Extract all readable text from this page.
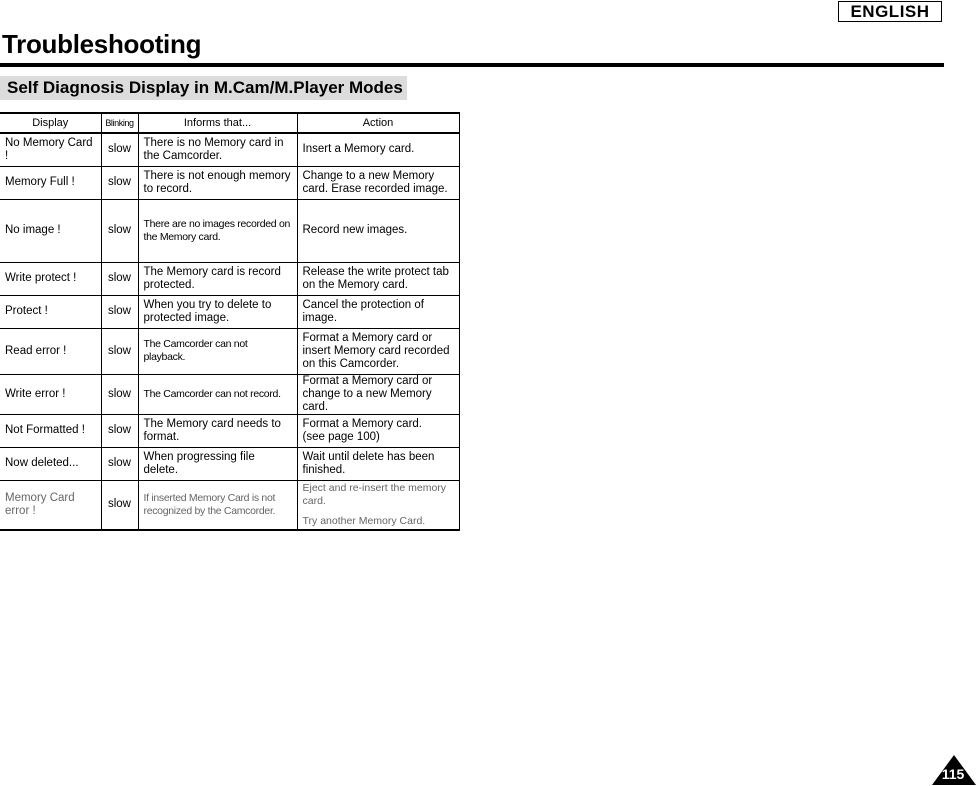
ENGLISH
Troubleshooting
Self Diagnosis Display in M.Cam/M.Player Modes
Display	Blinking	Informs that...	Action
No Memory Card !	slow	There is no Memory card in the Camcorder.	Insert a Memory card.

Memory Full !	slow	There is not enough memory to record.	Change to a new Memory card. Erase recorded image.

No image !	slow	There are no images recorded on the Memory card.	Record new images.

Write protect !	slow	The Memory card is record protected.	Release the write protect tab on the Memory card.

Protect !	slow	When you try to delete to protected image.	Cancel the protection of image.

Read error !	slow	The Camcorder can not playback.	Format a Memory card or insert Memory card recorded on this Camcorder.

Write error !	slow	The Camcorder can not record.	Format a Memory card or change to a new Memory card.

Not Formatted !	slow	The Memory card needs to format.	Format a Memory card.
(see page 100)

Now deleted...	slow	When progressing file delete.	Wait until delete has been finished.

Memory Card error !	slow	If inserted Memory Card is not recognized by the Camcorder.	Eject and re-insert the memory card.
Try another Memory Card.
115
